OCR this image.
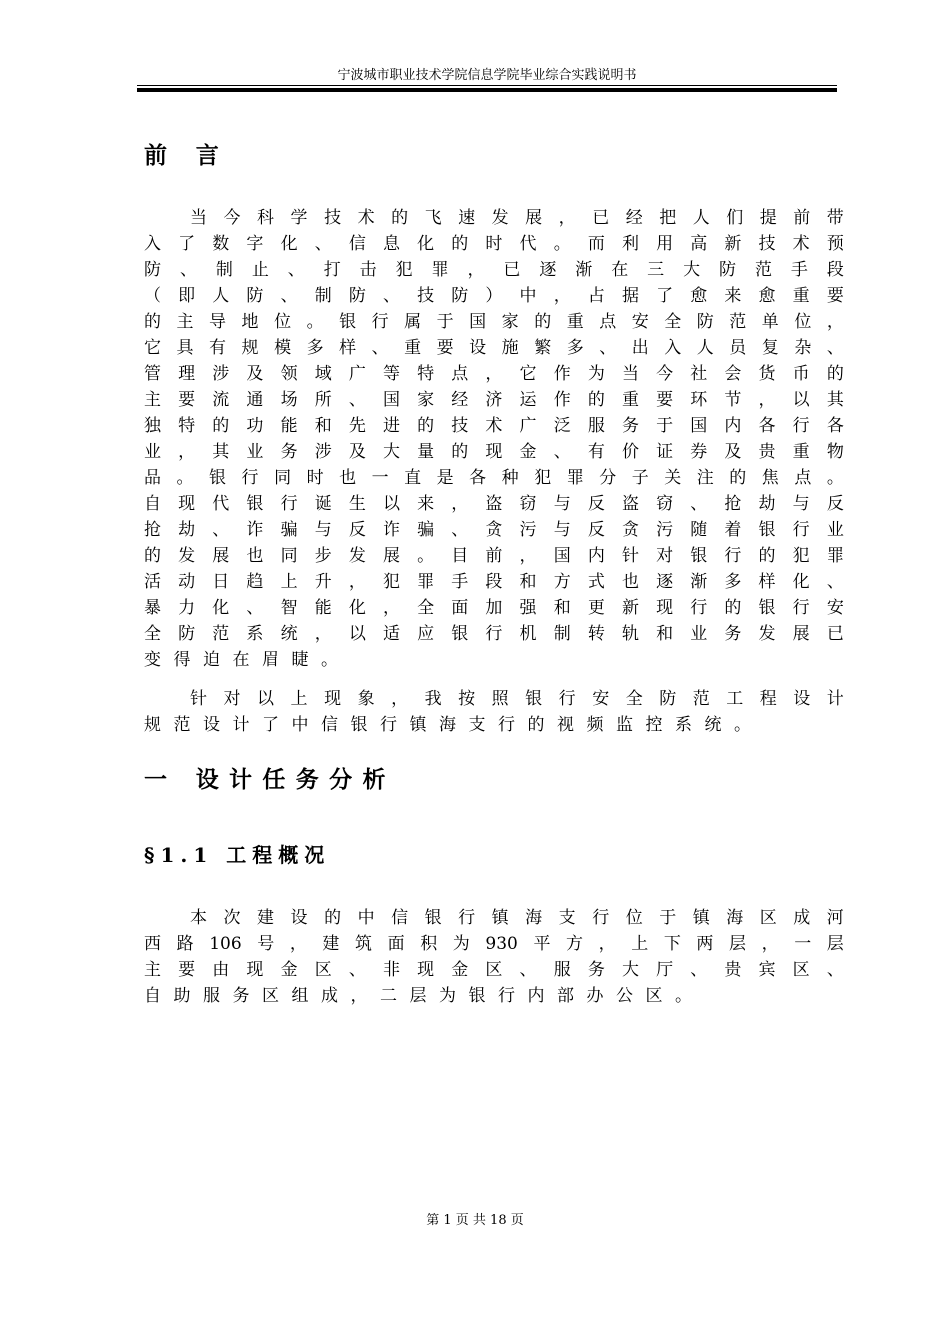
宁波城市职业技术学院信息学院毕业综合实践说明书
前 言
当 今 科 学 技 术 的 飞 速 发 展 ， 已 经 把 人 们 提 前 带
入 了 数 字 化 、 信 息 化 的 时 代 。 而 利 用 高 新 技 术 预
防 、 制 止 、 打 击 犯 罪 ， 已 逐 渐 在 三 大 防 范 手 段
（ 即 人 防 、 制 防 、 技 防 ） 中 ， 占 据 了 愈 来 愈 重 要
的 主 导 地 位 。 银 行 属 于 国 家 的 重 点 安 全 防 范 单 位 ，
它 具 有 规 模 多 样 、 重 要 设 施 繁 多 、 出 入 人 员 复 杂 、
管 理 涉 及 领 域 广 等 特 点 ， 它 作 为 当 今 社 会 货 币 的
主 要 流 通 场 所 、 国 家 经 济 运 作 的 重 要 环 节 ， 以 其
独 特 的 功 能 和 先 进 的 技 术 广 泛 服 务 于 国 内 各 行 各
业 ， 其 业 务 涉 及 大 量 的 现 金 、 有 价 证 券 及 贵 重 物
品 。 银 行 同 时 也 一 直 是 各 种 犯 罪 分 子 关 注 的 焦 点 。
自 现 代 银 行 诞 生 以 来 ， 盗 窃 与 反 盗 窃 、 抢 劫 与 反
抢 劫 、 诈 骗 与 反 诈 骗 、 贪 污 与 反 贪 污 随 着 银 行 业
的 发 展 也 同 步 发 展 。 目 前 ， 国 内 针 对 银 行 的 犯 罪
活 动 日 趋 上 升 ， 犯 罪 手 段 和 方 式 也 逐 渐 多 样 化 、
暴 力 化 、 智 能 化 ， 全 面 加 强 和 更 新 现 行 的 银 行 安
全 防 范 系 统 ， 以 适 应 银 行 机 制 转 轨 和 业 务 发 展 已
变 得 迫 在 眉 睫 。
针 对 以 上 现 象 ， 我 按 照 银 行 安 全 防 范 工 程 设 计
规 范 设 计 了 中 信 银 行 镇 海 支 行 的 视 频 监 控 系 统 。
一 设计任务分析
§1.1 工程概况
本 次 建 设 的 中 信 银 行 镇 海 支 行 位 于 镇 海 区 成 河
西 路 106 号 ， 建 筑 面 积 为 930 平 方 ， 上 下 两 层 ， 一 层
主 要 由 现 金 区 、 非 现 金 区 、 服 务 大 厅 、 贵 宾 区 、
自 助 服 务 区 组 成 ， 二 层 为 银 行 内 部 办 公 区 。
第 1 页 共 18 页
